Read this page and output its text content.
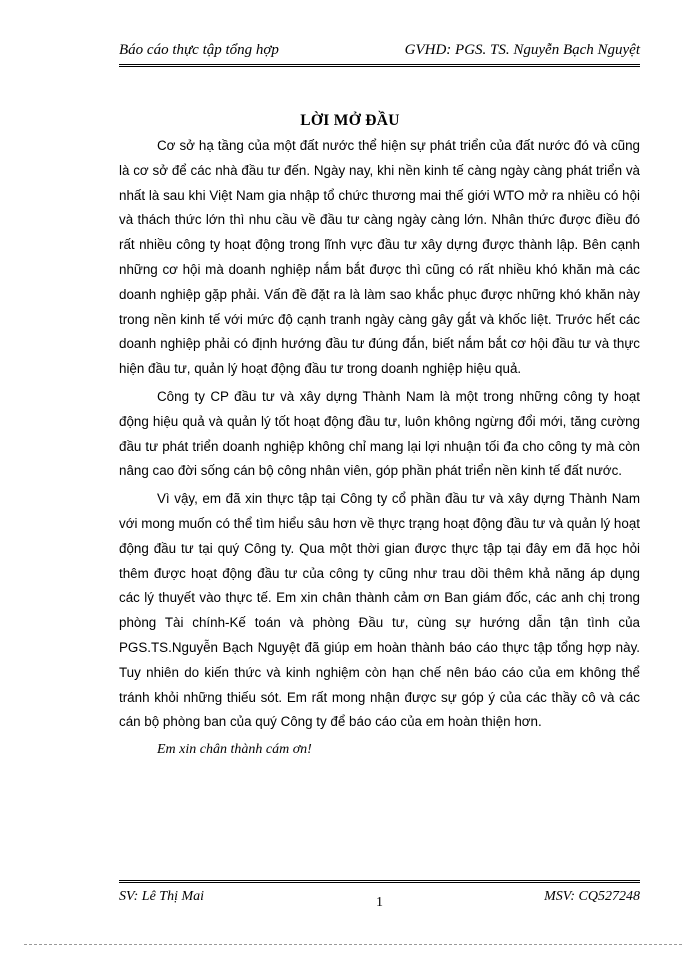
Báo cáo thực tập tổng hợp	GVHD: PGS. TS. Nguyễn Bạch Nguyệt
LỜI MỞ ĐẦU

Cơ sở hạ tầng của một đất nước thể hiện sự phát triển của đất nước đó và cũng là cơ sở để các nhà đầu tư đến. Ngày nay, khi nền kinh tế càng ngày càng phát triển và nhất là sau khi Việt Nam gia nhập tổ chức thương mai thế giới WTO mở ra nhiều có hội và thách thức lớn thì nhu cầu về đầu tư càng ngày càng lớn. Nhân thức được điều đó rất nhiều công ty hoạt động trong lĩnh vực đầu tư xây dựng được thành lập. Bên cạnh những cơ hội mà doanh nghiệp nắm bắt được thì cũng có rất nhiều khó khăn mà các doanh nghiệp gặp phải. Vấn đề đặt ra là làm sao khắc phục được những khó khăn này trong nền kinh tế với mức độ cạnh tranh ngày càng gây gắt và khốc liệt. Trước hết các doanh nghiệp phải có định hướng đầu tư đúng đắn, biết nắm bắt cơ hội đầu tư và thực hiện đầu tư, quản lý hoạt động đầu tư trong doanh nghiệp hiệu quả.

Công ty CP đầu tư và xây dựng Thành Nam là một trong những công ty hoạt động hiệu quả và quản lý tốt hoạt động đầu tư, luôn không ngừng đổi mới, tăng cường đầu tư phát triển doanh nghiệp không chỉ mang lại lợi nhuận tối đa cho công ty mà còn nâng cao đời sống cán bộ công nhân viên, góp phần phát triển nền kinh tế đất nước.

Vì vậy, em đã xin thực tập tại Công ty cổ phần đầu tư và xây dựng Thành Nam với mong muốn có thể tìm hiểu sâu hơn về thực trạng hoạt động đầu tư và quản lý hoạt động đầu tư tại quý Công ty. Qua một thời gian được thực tập tại đây em đã học hỏi thêm được hoạt động đầu tư của công ty cũng như trau dồi thêm khả năng áp dụng các lý thuyết vào thực tế. Em xin chân thành cảm ơn Ban giám đốc, các anh chị trong phòng Tài chính-Kế toán và phòng Đầu tư, cùng sự hướng dẫn tận tình của PGS.TS.Nguyễn Bạch Nguyệt đã giúp em hoàn thành báo cáo thực tập tổng hợp này. Tuy nhiên do kiến thức và kinh nghiệm còn hạn chế nên báo cáo của em không thể tránh khỏi những thiếu sót. Em rất mong nhận được sự góp ý của các thầy cô và các cán bộ phòng ban của quý Công ty để báo cáo của em hoàn thiện hơn.

Em xin chân thành cám ơn!

SV: Lê Thị Mai	1	MSV: CQ527248
